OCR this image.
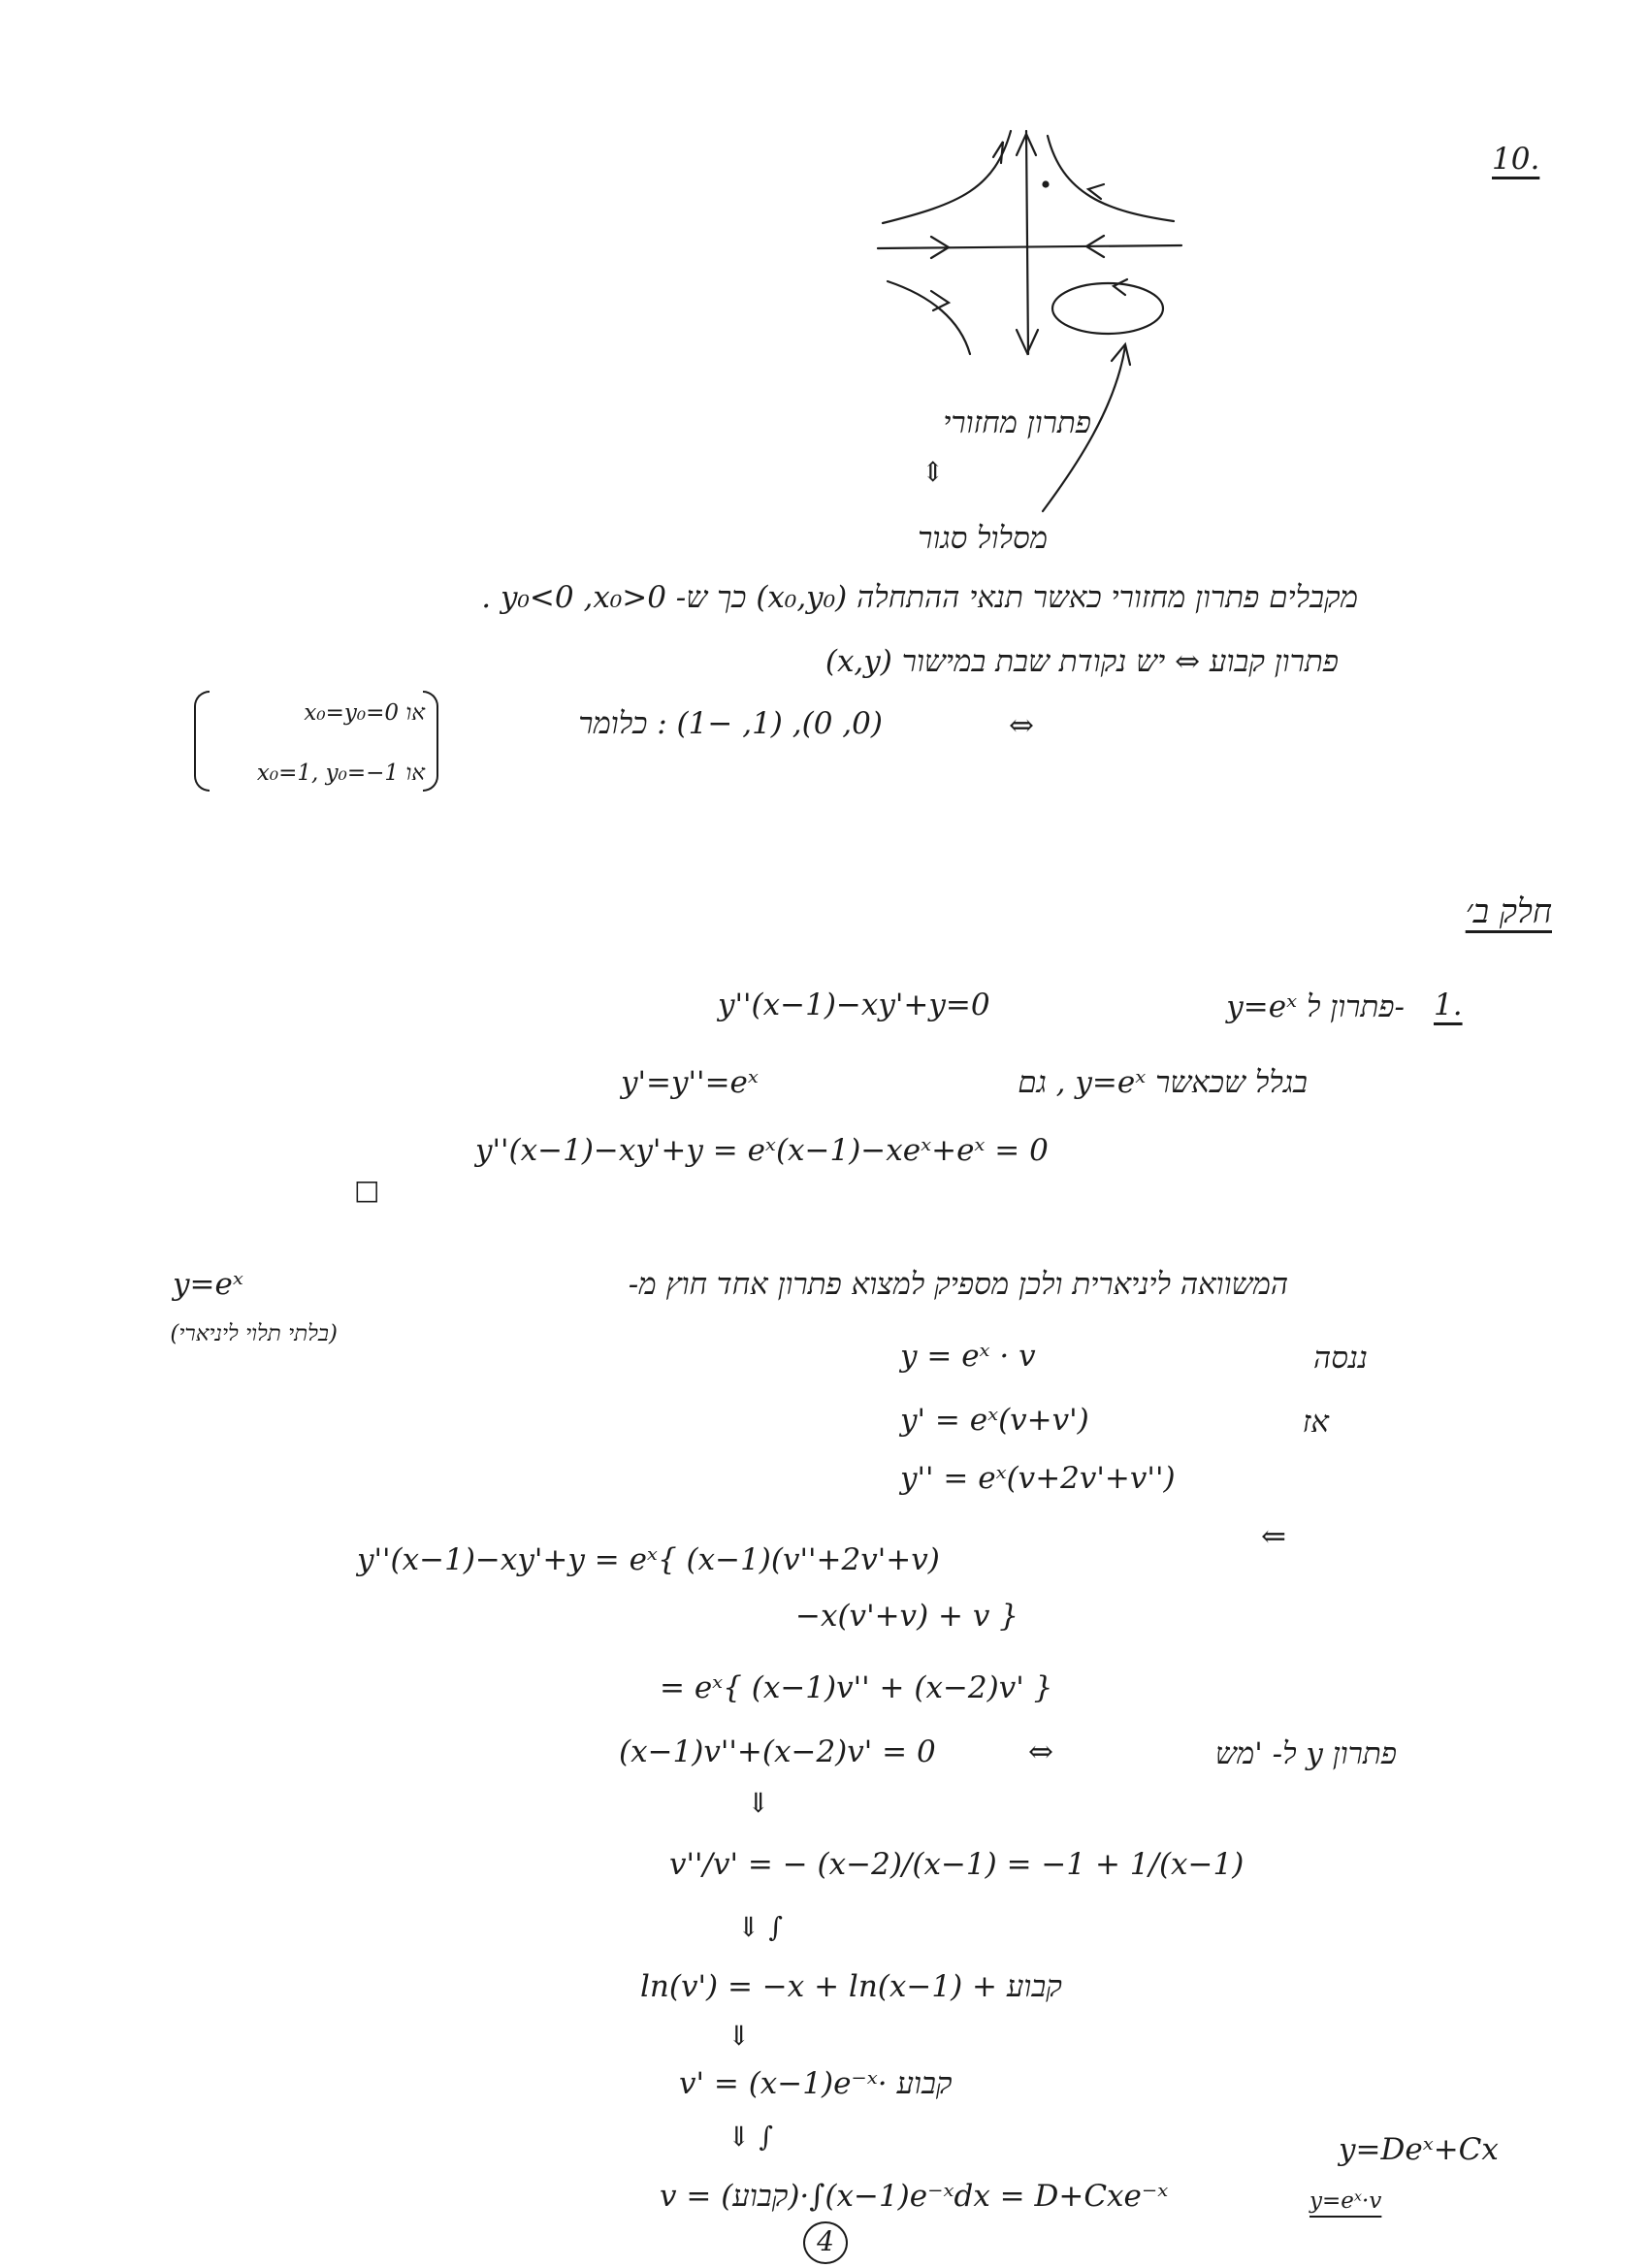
10.
פתרון מחזורי
⇕
מסלול סגור
מקבלים פתרון מחזורי כאשר תנאי ההתחלה (x₀,y₀) כך ש- y₀<0 ,x₀>0 .
פתרון קבוע ⇔ יש נקודת שבת במישור (x,y)
⇔
(0, 0), (1, −1) : כלומר
x₀=y₀=0 או
x₀=1, y₀=−1 או
חלק ב׳
1.
y=eˣ פתרון ל-
y''(x−1)−xy'+y=0
בגלל שכאשר y=eˣ , גם
y'=y''=eˣ
y''(x−1)−xy'+y = eˣ(x−1)−xeˣ+eˣ = 0
□
המשוואה ליניארית ולכן מספיק למצוא פתרון אחד חוץ מ-
y=eˣ
(בלתי תלוי ליניארי)
ננסה
y = eˣ · v
אז
y' = eˣ(v+v')
y'' = eˣ(v+2v'+v'')
⇐
y''(x−1)−xy'+y = eˣ{ (x−1)(v''+2v'+v)
−x(v'+v) + v }
= eˣ{ (x−1)v'' + (x−2)v' }
(x−1)v''+(x−2)v' = 0	⇔	פתרון y ל- 'מש
⇓
v''/v' = − (x−2)/(x−1) = −1 + 1/(x−1)
⇓ ∫
ln(v') = −x + ln(x−1) + קבוע
⇓
v' = (x−1)e⁻ˣ· קבוע
⇓ ∫
v = (קבוע)·∫(x−1)e⁻ˣdx = D+Cxe⁻ˣ
y=Deˣ+Cx
y=eˣ·v
4
